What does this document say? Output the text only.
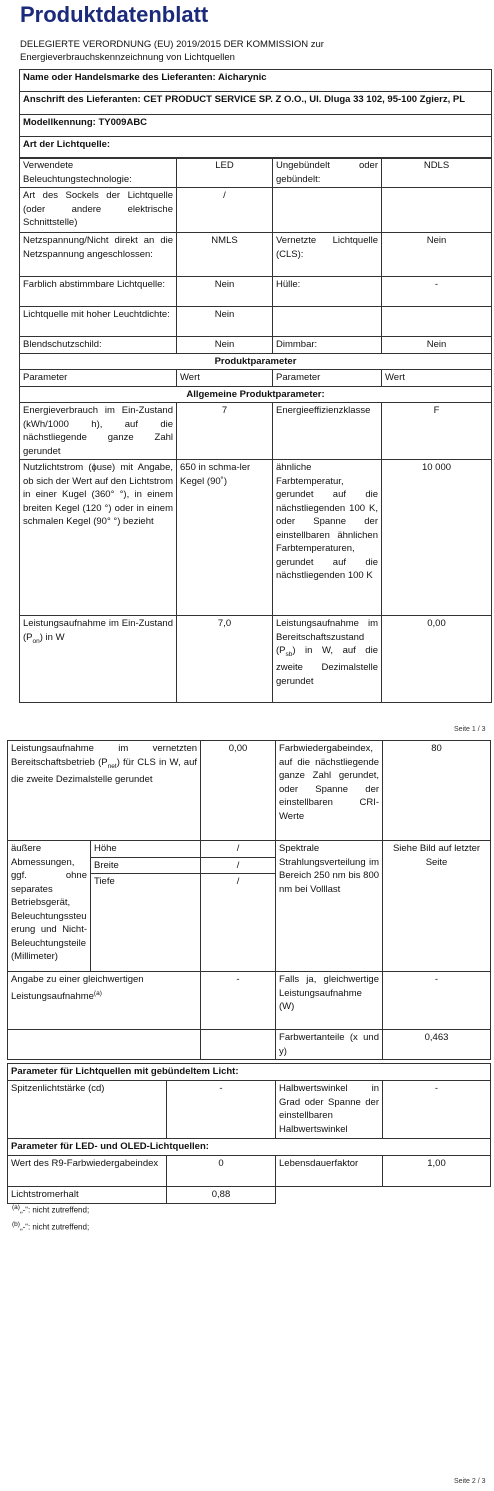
Produktdatenblatt
DELEGIERTE VERORDNUNG (EU) 2019/2015 DER KOMMISSION zur Energieverbrauchskennzeichnung von Lichtquellen
Name oder Handelsmarke des Lieferanten: Aicharynic
Anschrift des Lieferanten: CET PRODUCT SERVICE SP. Z O.O., Ul. Dluga 33 102, 95-100 Zgierz, PL
Modellkennung: TY009ABC
Art der Lichtquelle:
Verwendete Beleuchtungstechnologie:	LED	Ungebündelt oder gebündelt:	NDLS
Art des Sockels der Lichtquelle (oder andere elektrische Schnittstelle)	/		
Netzspannung/Nicht direkt an die Netzspannung angeschlossen:	NMLS	Vernetzte Lichtquelle (CLS):	Nein
Farblich abstimmbare Lichtquelle:	Nein	Hülle:	-
Lichtquelle mit hoher Leuchtdichte:	Nein		
Blendschutzschild:	Nein	Dimmbar:	Nein
Produktparameter			
Parameter	Wert	Parameter	Wert
Allgemeine Produktparameter:			
Energieverbrauch im Ein-Zustand (kWh/1000 h), auf die nächstliegende ganze Zahl gerundet	7	Energieeffizienzklasse	F
Nutzlichtstrom (ɸuse) mit Angabe, ob sich der Wert auf den Lichtstrom in einer Kugel (360° °), in einem breiten Kegel (120 °) oder in einem schmalen Kegel (90° °) bezieht	650 in schma-ler Kegel (90˚)	ähnliche Farbtemperatur, gerundet auf die nächstliegenden 100 K, oder Spanne der einstellbaren ähnlichen Farbtemperaturen, gerundet auf die nächstliegenden 100 K	10 000
Leistungsaufnahme im Ein-Zustand $(P_{on})$ in W	7,0	Leistungsaufnahme im Bereitschaftszustand $(P_{sb})$ in W, auf die zweite Dezimalstelle gerundet	0,00
Seite 1 / 3
Leistungsaufnahme im vernetzten Bereitschaftsbetrieb $(P_{net})$ für CLS in W, auf die zweite Dezimalstelle gerundet		0,00	Farbwiedergabeindex, auf die nächstliegende ganze Zahl gerundet, oder Spanne der einstellbaren CRI-Werte	80
äußere Abmessungen, ggf. ohne separates Betriebsgerät, Beleuchtungssteuerung und Nicht-Beleuchtungsteile (Millimeter)	Höhe	/	Spektrale Strahlungsverteilung im Bereich 250 nm bis 800 nm bei Volllast	Siehe Bild auf letzter Seite
	Breite	/		
	Tiefe	/		
Angabe zu einer gleichwertigen Leistungsaufnahme$^{(a)}$		-	Falls ja, gleichwertige Leistungsaufnahme (W)	-
			Farbwertanteile (x und y)	0,463
Parameter für Lichtquellen mit gebündeltem Licht:			
Spitzenlichtstärke (cd)	-	Halbwertswinkel in Grad oder Spanne der einstellbaren Halbwertswinkel	-
Parameter für LED- und OLED-Lichtquellen:			
Wert des R9-Farbwiedergabeindex	0	Lebensdauerfaktor	1,00
Lichtstromerhalt	0,88		
$^{(a)}$„-“: nicht zutreffend;
$^{(b)}$„-“: nicht zutreffend;
Seite 2 / 3
